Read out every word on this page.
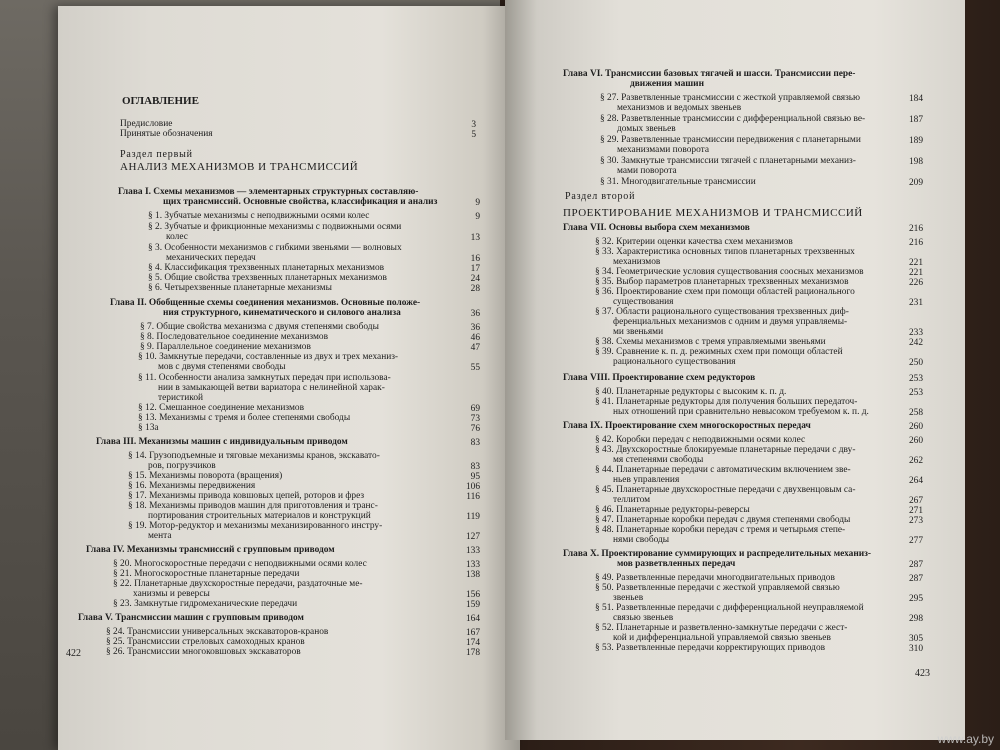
ОГЛАВЛЕНИЕ
Предисловие	3
Принятые обозначения	5
Раздел первый
АНАЛИЗ МЕХАНИЗМОВ И ТРАНСМИССИЙ
Глава I. Схемы механизмов — элементарных структурных составляю-
щих трансмиссий. Основные свойства, классификация и анализ	9
§ 1. Зубчатые механизмы с неподвижными осями колес	9
§ 2. Зубчатые и фрикционные механизмы с подвижными осями
колес	13
§ 3. Особенности механизмов с гибкими звеньями — волновых
механических передач	16
§ 4. Классификация трехзвенных планетарных механизмов	17
§ 5. Общие свойства трехзвенных планетарных механизмов	24
§ 6. Четырехзвенные планетарные механизмы	28
Глава II. Обобщенные схемы соединения механизмов. Основные положе-
ния структурного, кинематического и силового анализа	36
§ 7. Общие свойства механизма с двумя степенями свободы	36
§ 8. Последовательное соединение механизмов	46
§ 9. Параллельное соединение механизмов	47
§ 10. Замкнутые передачи, составленные из двух и трех механиз-
мов с двумя степенями свободы	55
§ 11. Особенности анализа замкнутых передач при использова-
нии в замыкающей ветви вариатора с нелинейной харак-
теристикой
§ 12. Смешанное соединение механизмов	69
§ 13. Механизмы с тремя и более степенями свободы	73
§ 13a	76
Глава III. Механизмы машин с индивидуальным приводом	83
§ 14. Грузоподъемные и тяговые механизмы кранов, экскавато-
ров, погрузчиков	83
§ 15. Механизмы поворота (вращения)	95
§ 16. Механизмы передвижения	106
§ 17. Механизмы привода ковшовых цепей, роторов и фрез	116
§ 18. Механизмы приводов машин для приготовления и транс-
портирования строительных материалов и конструкций	119
§ 19. Мотор-редуктор и механизмы механизированного инстру-
мента	127
Глава IV. Механизмы трансмиссий с групповым приводом	133
§ 20. Многоскоростные передачи с неподвижными осями колес	133
§ 21. Многоскоростные планетарные передачи	138
§ 22. Планетарные двухскоростные передачи, раздаточные ме-
ханизмы и реверсы	156
§ 23. Замкнутые гидромеханические передачи	159
Глава V. Трансмиссии машин с групповым приводом	164
§ 24. Трансмиссии универсальных экскаваторов-кранов	167
§ 25. Трансмиссии стреловых самоходных кранов	174
§ 26. Трансмиссии многоковшовых экскаваторов	178
422
Глава VI. Трансмиссии базовых тягачей и шасси. Трансмиссии пере-
движения машин
§ 27. Разветвленные трансмиссии с жесткой управляемой связью	184
механизмов и ведомых звеньев
§ 28. Разветвленные трансмиссии с дифференциальной связью ве-	187
домых звеньев
§ 29. Разветвленные трансмиссии передвижения с планетарными	189
механизмами поворота
§ 30. Замкнутые трансмиссии тягачей с планетарными механиз-	198
мами поворота
§ 31. Многодвигательные трансмиссии	209
Раздел второй
ПРОЕКТИРОВАНИЕ МЕХАНИЗМОВ И ТРАНСМИССИЙ
Глава VII. Основы выбора схем механизмов	216
§ 32. Критерии оценки качества схем механизмов	216
§ 33. Характеристика основных типов планетарных трехзвенных
механизмов	221
§ 34. Геометрические условия существования соосных механизмов	221
§ 35. Выбор параметров планетарных трехзвенных механизмов	226
§ 36. Проектирование схем при помощи областей рационального
существования	231
§ 37. Области рационального существования трехзвенных диф-
ференциальных механизмов с одним и двумя управляемы-
ми звеньями	233
§ 38. Схемы механизмов с тремя управляемыми звеньями	242
§ 39. Сравнение к. п. д. режимных схем при помощи областей
рационального существования	250
Глава VIII. Проектирование схем редукторов	253
§ 40. Планетарные редукторы с высоким к. п. д.	253
§ 41. Планетарные редукторы для получения больших передаточ-
ных отношений при сравнительно невысоком требуемом к. п. д.	258
Глава IX. Проектирование схем многоскоростных передач	260
§ 42. Коробки передач с неподвижными осями колес	260
§ 43. Двухскоростные блокируемые планетарные передачи с дву-
мя степенями свободы	262
§ 44. Планетарные передачи с автоматическим включением зве-
ньев управления	264
§ 45. Планетарные двухскоростные передачи с двухвенцовым са-
теллитом	267
§ 46. Планетарные редукторы-реверсы	271
§ 47. Планетарные коробки передач с двумя степенями свободы	273
§ 48. Планетарные коробки передач с тремя и четырьмя степе-
нями свободы	277
Глава X. Проектирование суммирующих и распределительных механиз-
мов разветвленных передач	287
§ 49. Разветвленные передачи многодвигательных приводов	287
§ 50. Разветвленные передачи с жесткой управляемой связью
звеньев	295
§ 51. Разветвленные передачи с дифференциальной неуправляемой
связью звеньев	298
§ 52. Планетарные и разветвленно-замкнутые передачи с жест-
кой и дифференциальной управляемой связью звеньев	305
§ 53. Разветвленные передачи корректирующих приводов	310
423
www.ay.by
